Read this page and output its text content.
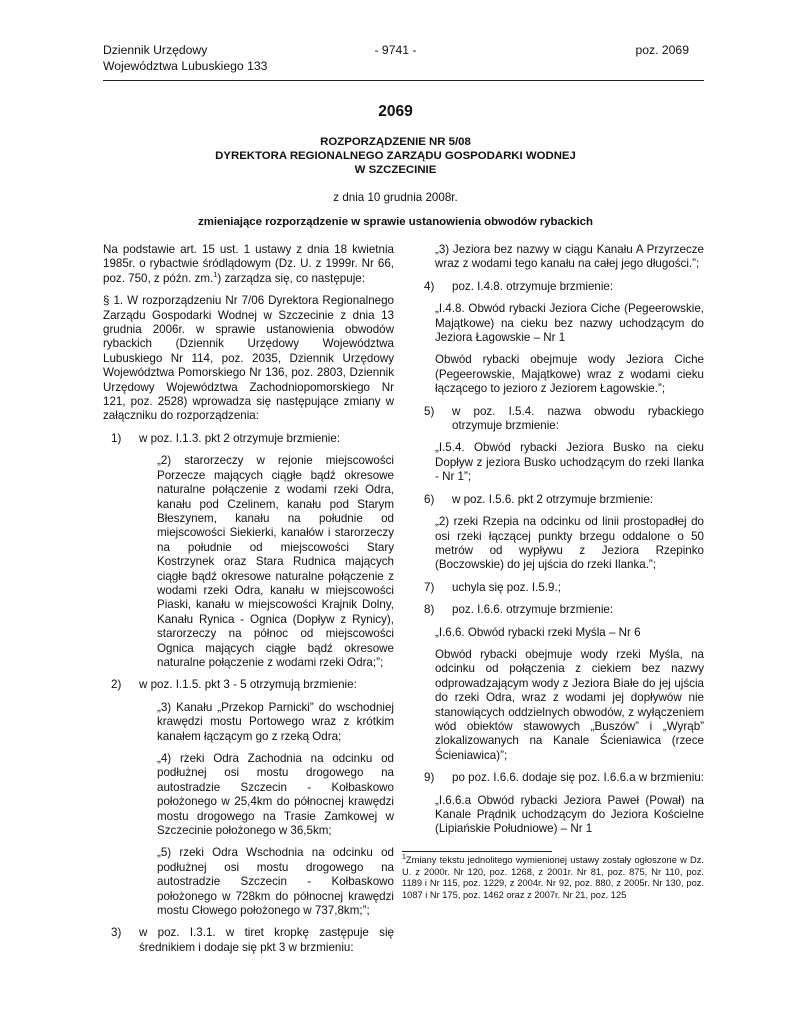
Dziennik Urzędowy
Województwa Lubuskiego 133
- 9741 -	poz. 2069
2069
ROZPORZĄDZENIE NR 5/08
DYREKTORA REGIONALNEGO ZARZĄDU GOSPODARKI WODNEJ
W SZCZECINIE
z dnia 10 grudnia 2008r.
zmieniające rozporządzenie w sprawie ustanowienia obwodów rybackich

Na podstawie art. 15 ust. 1 ustawy z dnia 18 kwietnia 1985r. o rybactwie śródlądowym (Dz. U. z 1999r. Nr 66, poz. 750, z późn. zm.$^1$) zarządza się, co następuje:

§ 1. W rozporządzeniu Nr 7/06 Dyrektora Regionalnego Zarządu Gospodarki Wodnej w Szczecinie z dnia 13 grudnia 2006r. w sprawie ustanowienia obwodów rybackich (Dziennik Urzędowy Województwa Lubuskiego Nr 114, poz. 2035, Dziennik Urzędowy Województwa Pomorskiego Nr 136, poz. 2803, Dziennik Urzędowy Województwa Zachodniopomorskiego Nr 121, poz. 2528) wprowadza się następujące zmiany w załączniku do rozporządzenia:

1) w poz. I.1.3. pkt 2 otrzymuje brzmienie:

„2) starorzeczy w rejonie miejscowości Porzecze mających ciągłe bądź okresowe naturalne połączenie z wodami rzeki Odra, kanału pod Czelinem, kanału pod Starym Błeszynem, kanału na południe od miejscowości Siekierki, kanałów i starorzeczy na południe od miejscowości Stary Kostrzynek oraz Stara Rudnica mających ciągłe bądź okresowe naturalne połączenie z wodami rzeki Odra, kanału w miejscowości Piaski, kanału w miejscowości Krajnik Dolny, Kanału Rynica - Ognica (Dopływ z Rynicy), starorzeczy na północ od miejscowości Ognica mających ciągłe bądź okresowe naturalne połączenie z wodami rzeki Odra;”;

2) w poz. I.1.5. pkt 3 - 5 otrzymują brzmienie:

„3) Kanału „Przekop Parnicki” do wschodniej krawędzi mostu Portowego wraz z krótkim kanałem łączącym go z rzeką Odra;

„4) rzeki Odra Zachodnia na odcinku od podłużnej osi mostu drogowego na autostradzie Szczecin - Kołbaskowo położonego w 25,4km do północnej krawędzi mostu drogowego na Trasie Zamkowej w Szczecinie położonego w 36,5km;

„5) rzeki Odra Wschodnia na odcinku od podłużnej osi mostu drogowego na autostradzie Szczecin - Kołbaskowo położonego w 728km do północnej krawędzi mostu Cłowego położonego w 737,8km;”;

3) w poz. I.3.1. w tiret kropkę zastępuje się średnikiem i dodaje się pkt 3 w brzmieniu:

„3) Jeziora bez nazwy w ciągu Kanału A Przyrzecze wraz z wodami tego kanału na całej jego długości.”;

4) poz. I.4.8. otrzymuje brzmienie:

„I.4.8. Obwód rybacki Jeziora Ciche (Pegeerowskie, Majątkowe) na cieku bez nazwy uchodzącym do Jeziora Łagowskie – Nr 1

Obwód rybacki obejmuje wody Jeziora Ciche (Pegeerowskie, Majątkowe) wraz z wodami cieku łączącego to jezioro z Jeziorem Łagowskie.”;

5) w poz. I.5.4. nazwa obwodu rybackiego otrzymuje brzmienie:

„I.5.4. Obwód rybacki Jeziora Busko na cieku Dopływ z jeziora Busko uchodzącym do rzeki Ilanka - Nr 1”;

6) w poz. I.5.6. pkt 2 otrzymuje brzmienie:

„2) rzeki Rzepia na odcinku od linii prostopadłej do osi rzeki łączącej punkty brzegu oddalone o 50 metrów od wypływu z Jeziora Rzepinko (Boczowskie) do jej ujścia do rzeki Ilanka.”;

7) uchyla się poz. I.5.9.;

8) poz. I.6.6. otrzymuje brzmienie:

„I.6.6. Obwód rybacki rzeki Myśla – Nr 6

Obwód rybacki obejmuje wody rzeki Myśla, na odcinku od połączenia z ciekiem bez nazwy odprowadzającym wody z Jeziora Białe do jej ujścia do rzeki Odra, wraz z wodami jej dopływów nie stanowiących oddzielnych obwodów, z wyłączeniem wód obiektów stawowych „Buszów” i „Wyrąb” zlokalizowanych na Kanale Ścieniawica (rzece Ścieniawica)”;

9) po poz. I.6.6. dodaje się poz. I.6.6.a w brzmieniu:

„I.6.6.a Obwód rybacki Jeziora Paweł (Pował) na Kanale Prądnik uchodzącym do Jeziora Kościelne (Lipiańskie Południowe) – Nr 1

$^1$Zmiany tekstu jednolitego wymienionej ustawy zostały ogłoszone w Dz. U. z 2000r. Nr 120, poz. 1268, z 2001r. Nr 81, poz. 875, Nr 110, poz. 1189 i Nr 115, poz. 1229, z 2004r. Nr 92, poz. 880, z 2005r. Nr 130, poz. 1087 i Nr 175, poz. 1462 oraz z 2007r. Nr 21, poz. 125
